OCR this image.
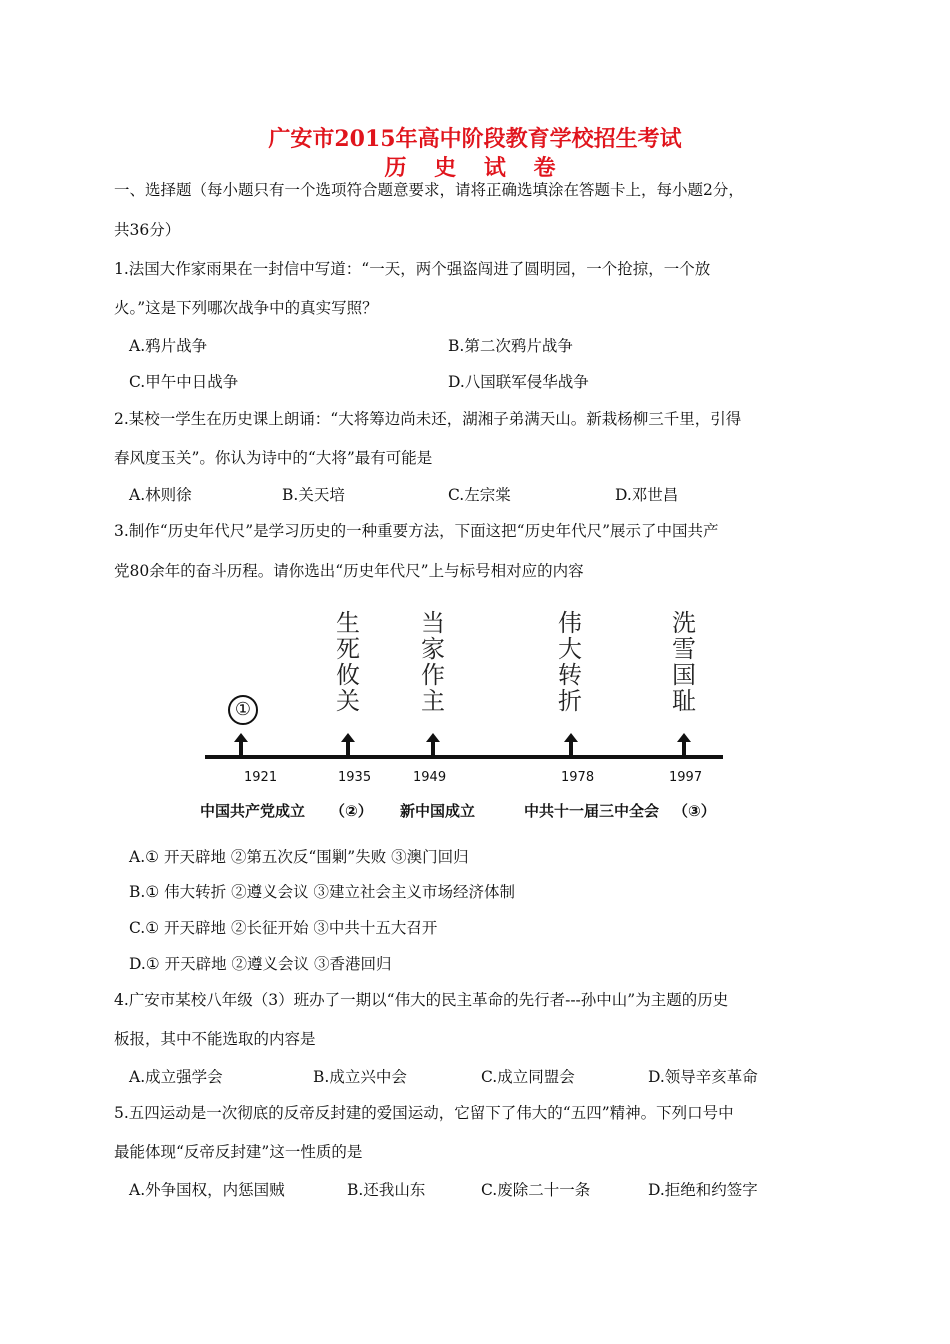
广安市2015年高中阶段教育学校招生考试
历 史 试 卷
一、选择题（每小题只有一个选项符合题意要求，请将正确选填涂在答题卡上，每小题2分，
共36分）
1.法国大作家雨果在一封信中写道：“一天，两个强盗闯进了圆明园，一个抢掠，一个放
火。”这是下列哪次战争中的真实写照？
A.鸦片战争	B.第二次鸦片战争
C.甲午中日战争	D.八国联军侵华战争
2.某校一学生在历史课上朗诵：“大将筹边尚未还，湖湘子弟满天山。新栽杨柳三千里，引得
春风度玉关”。你认为诗中的“大将”最有可能是
A.林则徐	B.关天培	C.左宗棠	D.邓世昌
3.制作“历史年代尺”是学习历史的一种重要方法，下面这把“历史年代尺”展示了中国共产
党80余年的奋斗历程。请你选出“历史年代尺”上与标号相对应的内容
①
生
死
攸
关
当
家
作
主
伟
大
转
折
洗
雪
国
耻
1921	1935	1949	1978	1997
中国共产党成立 （②） 新中国成立	中共十一届三中全会 （③）
A.① 开天辟地 ②第五次反“围剿”失败 ③澳门回归
B.① 伟大转折 ②遵义会议 ③建立社会主义市场经济体制
C.① 开天辟地 ②长征开始 ③中共十五大召开
D.① 开天辟地 ②遵义会议 ③香港回归
4.广安市某校八年级（3）班办了一期以“伟大的民主革命的先行者---孙中山”为主题的历史
板报，其中不能选取的内容是
A.成立强学会	B.成立兴中会	C.成立同盟会	D.领导辛亥革命
5.五四运动是一次彻底的反帝反封建的爱国运动，它留下了伟大的“五四”精神。下列口号中
最能体现“反帝反封建”这一性质的是
A.外争国权，内惩国贼	B.还我山东	C.废除二十一条	D.拒绝和约签字
